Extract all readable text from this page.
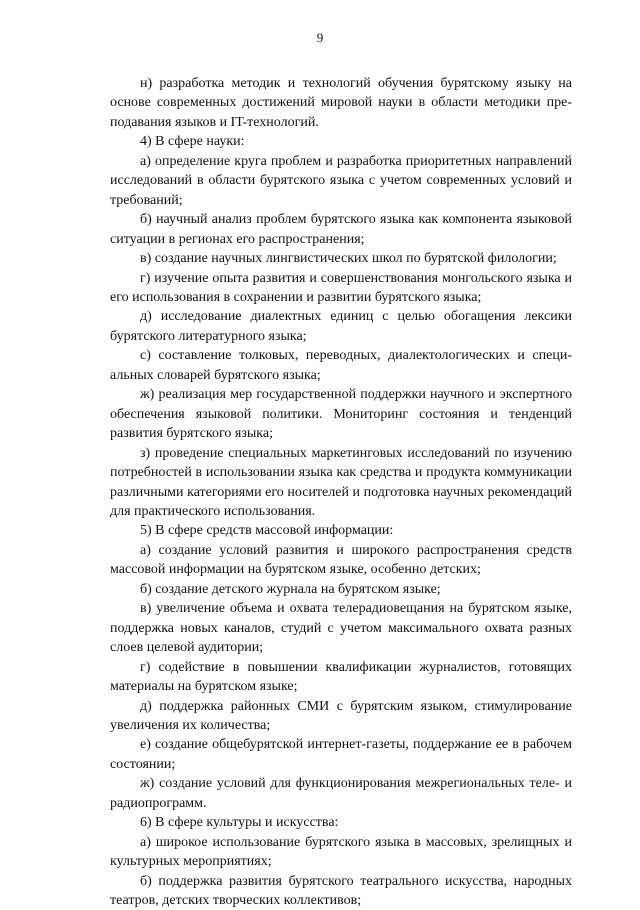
9

н) разработка методик и технологий обучения бурятскому языку на основе современных достижений мировой науки в области методики преподавания языков и IT-технологий.

4) В сфере науки:

а) определение круга проблем и разработка приоритетных направлений исследований в области бурятского языка с учетом современных условий и требований;

б) научный анализ проблем бурятского языка как компонента языковой ситуации в регионах его распространения;

в) создание научных лингвистических школ по бурятской филологии;

г) изучение опыта развития и совершенствования монгольского языка и его использования в сохранении и развитии бурятского языка;

д) исследование диалектных единиц с целью обогащения лексики бурятского литературного языка;

с) составление толковых, переводных, диалектологических и специальных словарей бурятского языка;

ж) реализация мер государственной поддержки научного и экспертного обеспечения языковой политики. Мониторинг состояния и тенденций развития бурятского языка;

з) проведение специальных маркетинговых исследований по изучению потребностей в использовании языка как средства и продукта коммуникации различными категориями его носителей и подготовка научных рекомендаций для практического использования.

5) В сфере средств массовой информации:

а) создание условий развития и широкого распространения средств массовой информации на бурятском языке, особенно детских;

б) создание детского журнала на бурятском языке;

в) увеличение объема и охвата телерадиовещания на бурятском языке, поддержка новых каналов, студий с учетом максимального охвата разных слоев целевой аудитории;

г) содействие в повышении квалификации журналистов, готовящих материалы на бурятском языке;

д) поддержка районных СМИ с бурятским языком, стимулирование увеличения их количества;

е) создание общебурятской интернет-газеты, поддержание ее в рабочем состоянии;

ж) создание условий для функционирования межрегиональных теле- и радиопрограмм.

6) В сфере культуры и искусства:

а) широкое использование бурятского языка в массовых, зрелищных и культурных мероприятиях;

б) поддержка развития бурятского театрального искусства, народных театров, детских творческих коллективов;
